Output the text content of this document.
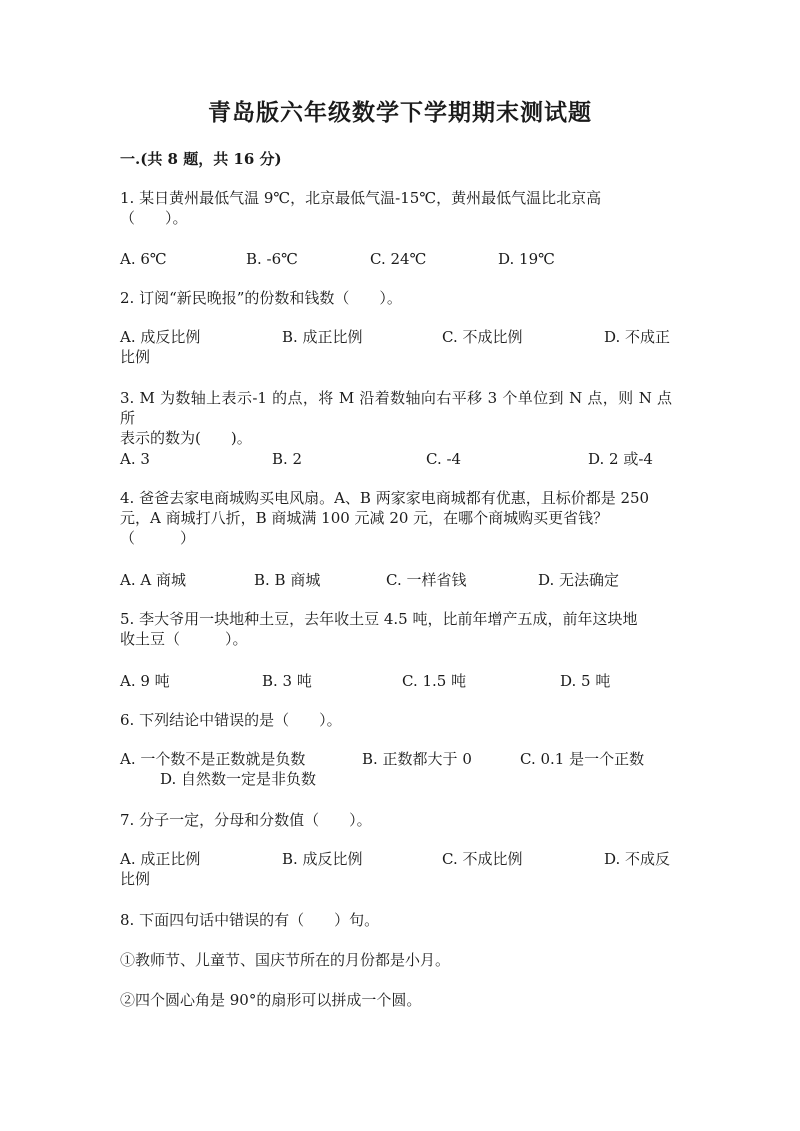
青岛版六年级数学下学期期末测试题
一.(共 8 题，共 16 分)
1. 某日黄州最低气温 9℃，北京最低气温-15℃，黄州最低气温比北京高
（　　）。
A. 6℃	B. -6℃	C. 24℃	D. 19℃
2. 订阅“新民晚报”的份数和钱数（　　）。
A. 成反比例	B. 成正比例	C. 不成比例	D. 不成正
比例
3. M 为数轴上表示-1 的点，将 M 沿着数轴向右平移 3 个单位到 N 点，则 N 点所
表示的数为(　　)。
A. 3	B. 2	C. -4	D. 2 或-4
4. 爸爸去家电商城购买电风扇。A、B 两家家电商城都有优惠，且标价都是 250
元，A 商城打八折，B 商城满 100 元减 20 元，在哪个商城购买更省钱？
（　　　）
A. A 商城	B. B 商城	C. 一样省钱	D. 无法确定
5. 李大爷用一块地种土豆，去年收土豆 4.5 吨，比前年增产五成，前年这块地
收土豆（　　　）。
A. 9 吨	B. 3 吨	C. 1.5 吨	D. 5 吨
6. 下列结论中错误的是（　　）。
A. 一个数不是正数就是负数	B. 正数都大于 0	C. 0.1 是一个正数
D. 自然数一定是非负数
7. 分子一定，分母和分数值（　　）。
A. 成正比例	B. 成反比例	C. 不成比例	D. 不成反
比例
8. 下面四句话中错误的有（　　）句。
①教师节、儿童节、国庆节所在的月份都是小月。
②四个圆心角是 90°的扇形可以拼成一个圆。
